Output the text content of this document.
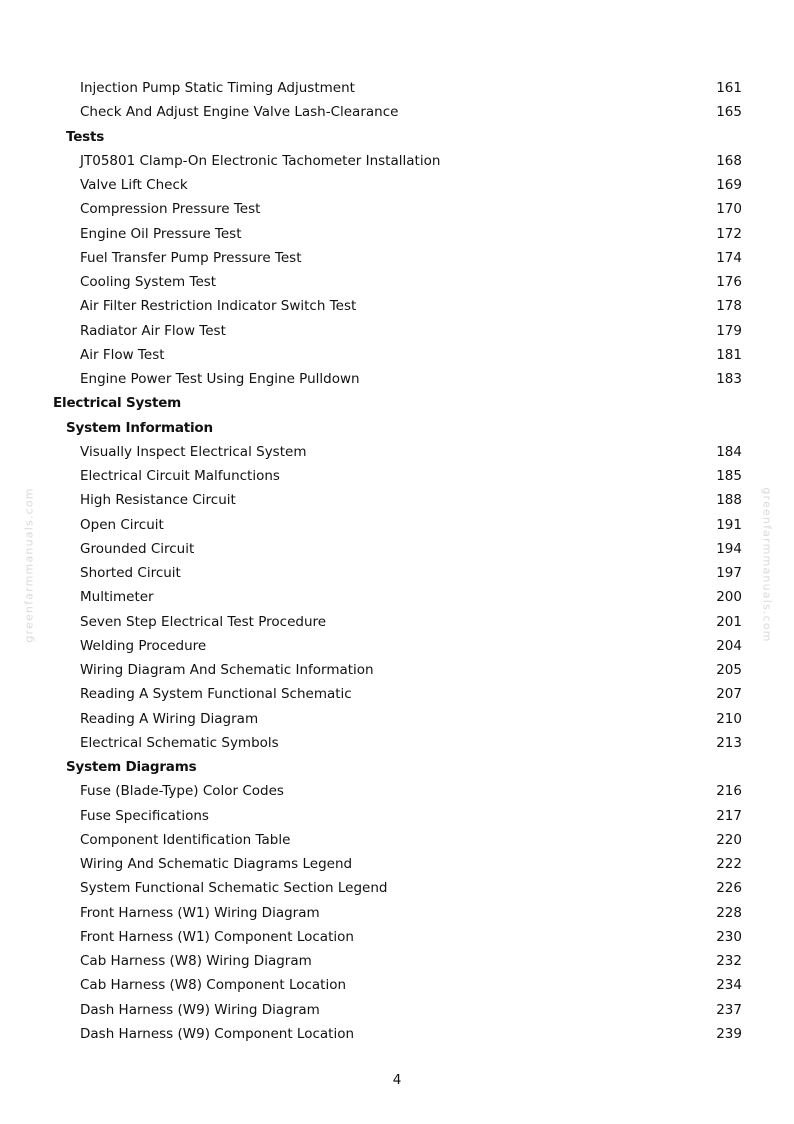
Injection Pump Static Timing Adjustment	161
Check And Adjust Engine Valve Lash-Clearance	165
Tests
JT05801 Clamp-On Electronic Tachometer Installation	168
Valve Lift Check	169
Compression Pressure Test	170
Engine Oil Pressure Test	172
Fuel Transfer Pump Pressure Test	174
Cooling System Test	176
Air Filter Restriction Indicator Switch Test	178
Radiator Air Flow Test	179
Air Flow Test	181
Engine Power Test Using Engine Pulldown	183
Electrical System
System Information
Visually Inspect Electrical System	184
Electrical Circuit Malfunctions	185
High Resistance Circuit	188
Open Circuit	191
Grounded Circuit	194
Shorted Circuit	197
Multimeter	200
Seven Step Electrical Test Procedure	201
Welding Procedure	204
Wiring Diagram And Schematic Information	205
Reading A System Functional Schematic	207
Reading A Wiring Diagram	210
Electrical Schematic Symbols	213
System Diagrams
Fuse (Blade-Type) Color Codes	216
Fuse Specifications	217
Component Identification Table	220
Wiring And Schematic Diagrams Legend	222
System Functional Schematic Section Legend	226
Front Harness (W1) Wiring Diagram	228
Front Harness (W1) Component Location	230
Cab Harness (W8) Wiring Diagram	232
Cab Harness (W8) Component Location	234
Dash Harness (W9) Wiring Diagram	237
Dash Harness (W9) Component Location	239
4
greenfarmmanuals.com	greenfarmmanuals.com
